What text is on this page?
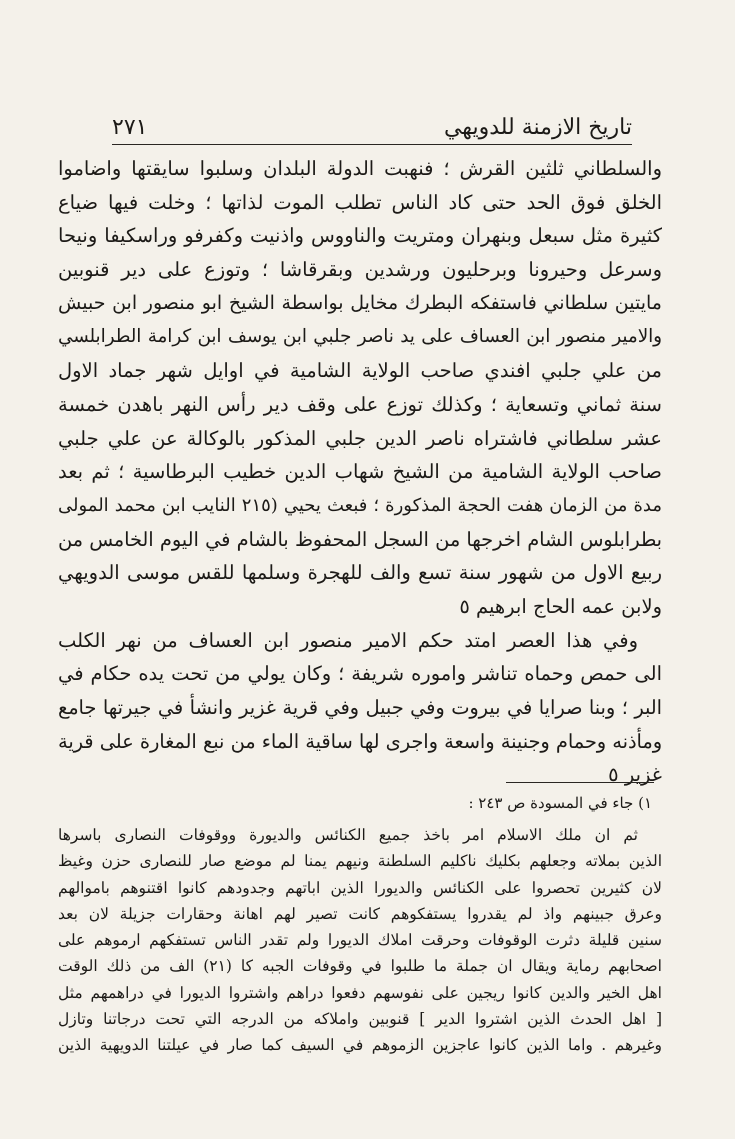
تاريخ الازمنة للدويهي
٢٧١
والسلطاني ثلثين القرش ؛ فنهبت الدولة البلدان وسلبوا سايقتها واضاموا
الخلق فوق الحد حتى كاد الناس تطلب الموت لذاتها ؛ وخلت فيها ضياع
كثيرة مثل سبعل وبنهران ومتريت والناووس واذنيت وكفرفو وراسكيفا ونيحا
وسرعل وحيرونا وبرحليون ورشدين وبقرقاشا ؛ وتوزع على دير قنوبين
مايتين سلطاني فاستفكه البطرك مخايل بواسطة الشيخ ابو منصور ابن حبيش
والامير منصور ابن العساف على يد ناصر جلبي ابن يوسف ابن كرامة الطرابلسي
من علي جلبي افندي صاحب الولاية الشامية في اوايل شهر جماد الاول
سنة ثماني وتسعاية ؛ وكذلك توزع على وقف دير رأس النهر باهدن خمسة
عشر سلطاني فاشتراه ناصر الدين جلبي المذكور بالوكالة عن علي جلبي
صاحب الولاية الشامية من الشيخ شهاب الدين خطيب البرطاسية ؛ ثم بعد
مدة من الزمان هفت الحجة المذكورة ؛ فبعث يحيي (٢١٥ النايب ابن محمد المولى
بطرابلوس الشام اخرجها من السجل المحفوظ بالشام في اليوم الخامس من
ربيع الاول من شهور سنة تسع والف للهجرة وسلمها للقس موسى الدويهي
ولابن عمه الحاج ابرهيم ٥
وفي هذا العصر امتد حكم الامير منصور ابن العساف من نهر الكلب
الى حمص وحماه تناشر واموره شريفة ؛ وكان يولي من تحت يده حكام في
البر ؛ وبنا صرايا في بيروت وفي جبيل وفي قرية غزير وانشأ في جيرتها جامع
ومأذنه وحمام وجنينة واسعة واجرى لها ساقية الماء من نبع المغارة على قرية
غزير ٥
١) جاء في المسودة ص ٢٤٣ :
ثم ان ملك الاسلام امر باخذ جميع الكنائس والديورة ووقوفات النصارى باسرها
الذين بملاته وجعلهم بكليك ناكليم السلطنة ونيهم يمنا لم موضع صار للنصارى حزن وغيظ
لان كثيرين تحصروا على الكنائس والديورا الذين اباتهم وجدودهم كانوا اقتنوهم باموالهم
وعرق جبينهم واذ لم يقدروا يستفكوهم كانت تصير لهم اهانة وحقارات جزيلة لان بعد
سنين قليلة دثرت الوقوفات وحرقت املاك الديورا ولم تقدر الناس تستفكهم ارموهم على
اصحابهم رماية ويقال ان جملة ما طلبوا في وقوفات الجبه كا (٢١) الف من ذلك الوقت
اهل الخير والدين كانوا ريجين على نفوسهم دفعوا دراهم واشتروا الديورا في دراهمهم مثل
[ اهل الحدث الذين اشتروا الدير ] قنوبين واملاكه من الدرجه التي تحت درجاتنا وتازل
وغيرهم . واما الذين كانوا عاجزين الزموهم في السيف كما صار في عيلتنا الدويهية الذين
